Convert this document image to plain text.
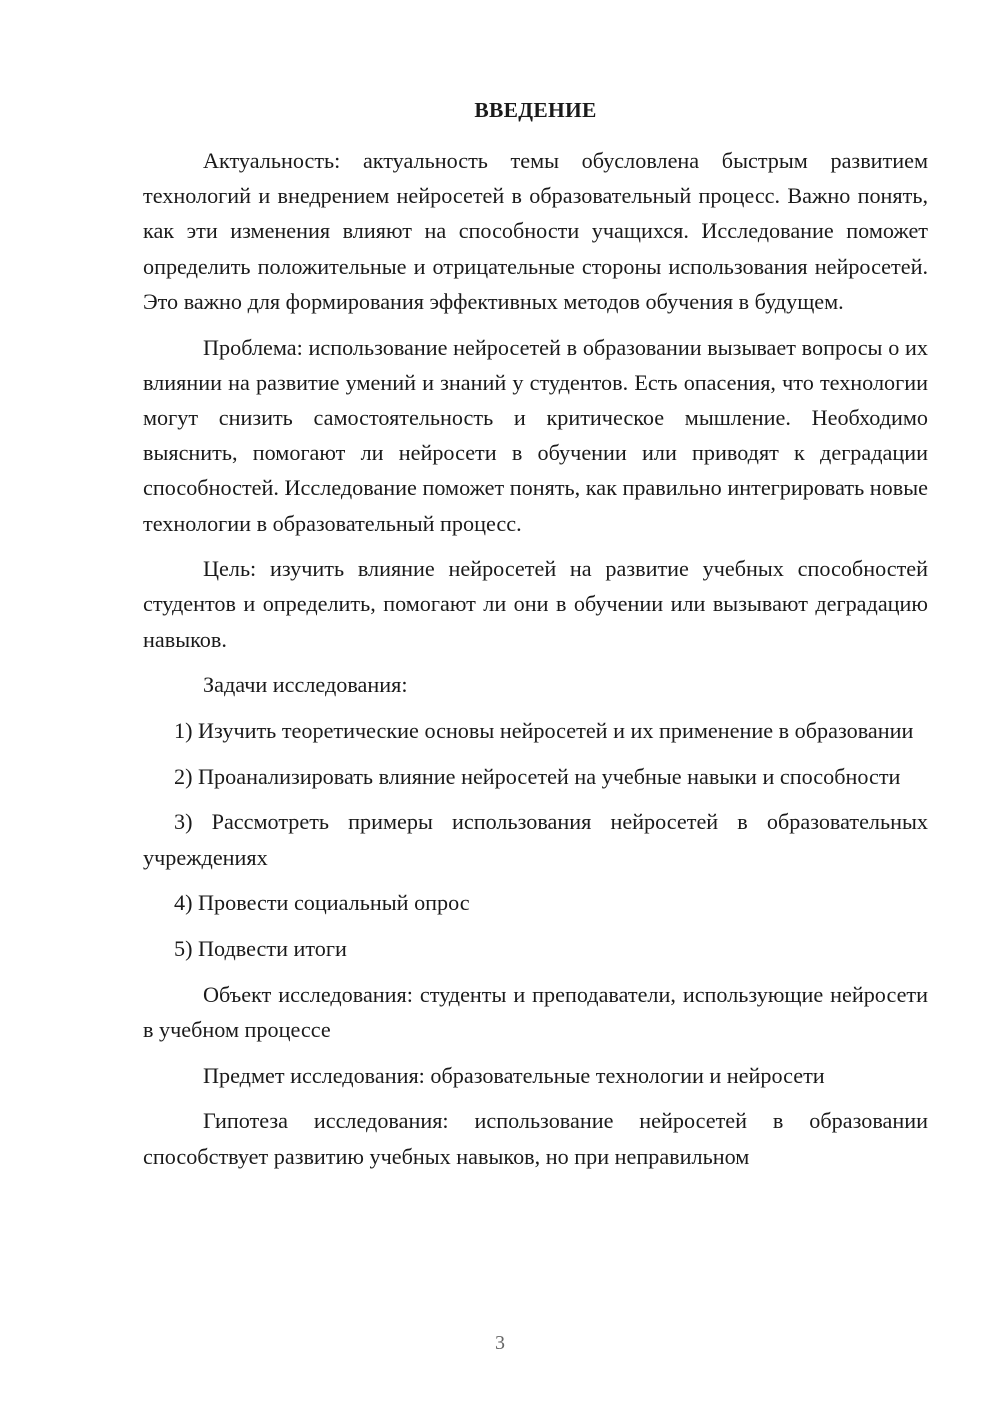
ВВЕДЕНИЕ

Актуальность: актуальность темы обусловлена быстрым развитием технологий и внедрением нейросетей в образовательный процесс. Важно понять, как эти изменения влияют на способности учащихся. Исследование поможет определить положительные и отрицательные стороны использования нейросетей. Это важно для формирования эффективных методов обучения в будущем.

Проблема: использование нейросетей в образовании вызывает вопросы о их влиянии на развитие умений и знаний у студентов. Есть опасения, что технологии могут снизить самостоятельность и критическое мышление. Необходимо выяснить, помогают ли нейросети в обучении или приводят к деградации способностей. Исследование поможет понять, как правильно интегрировать новые технологии в образовательный процесс.

Цель: изучить влияние нейросетей на развитие учебных способностей студентов и определить, помогают ли они в обучении или вызывают деградацию навыков.

Задачи исследования:

1) Изучить теоретические основы нейросетей и их применение в образовании

2) Проанализировать влияние нейросетей на учебные навыки и способности

3) Рассмотреть примеры использования нейросетей в образовательных учреждениях

4) Провести социальный опрос

5) Подвести итоги

Объект исследования: студенты и преподаватели, использующие нейросети в учебном процессе

Предмет исследования: образовательные технологии и нейросети

Гипотеза исследования: использование нейросетей в образовании способствует развитию учебных навыков, но при неправильном

3
